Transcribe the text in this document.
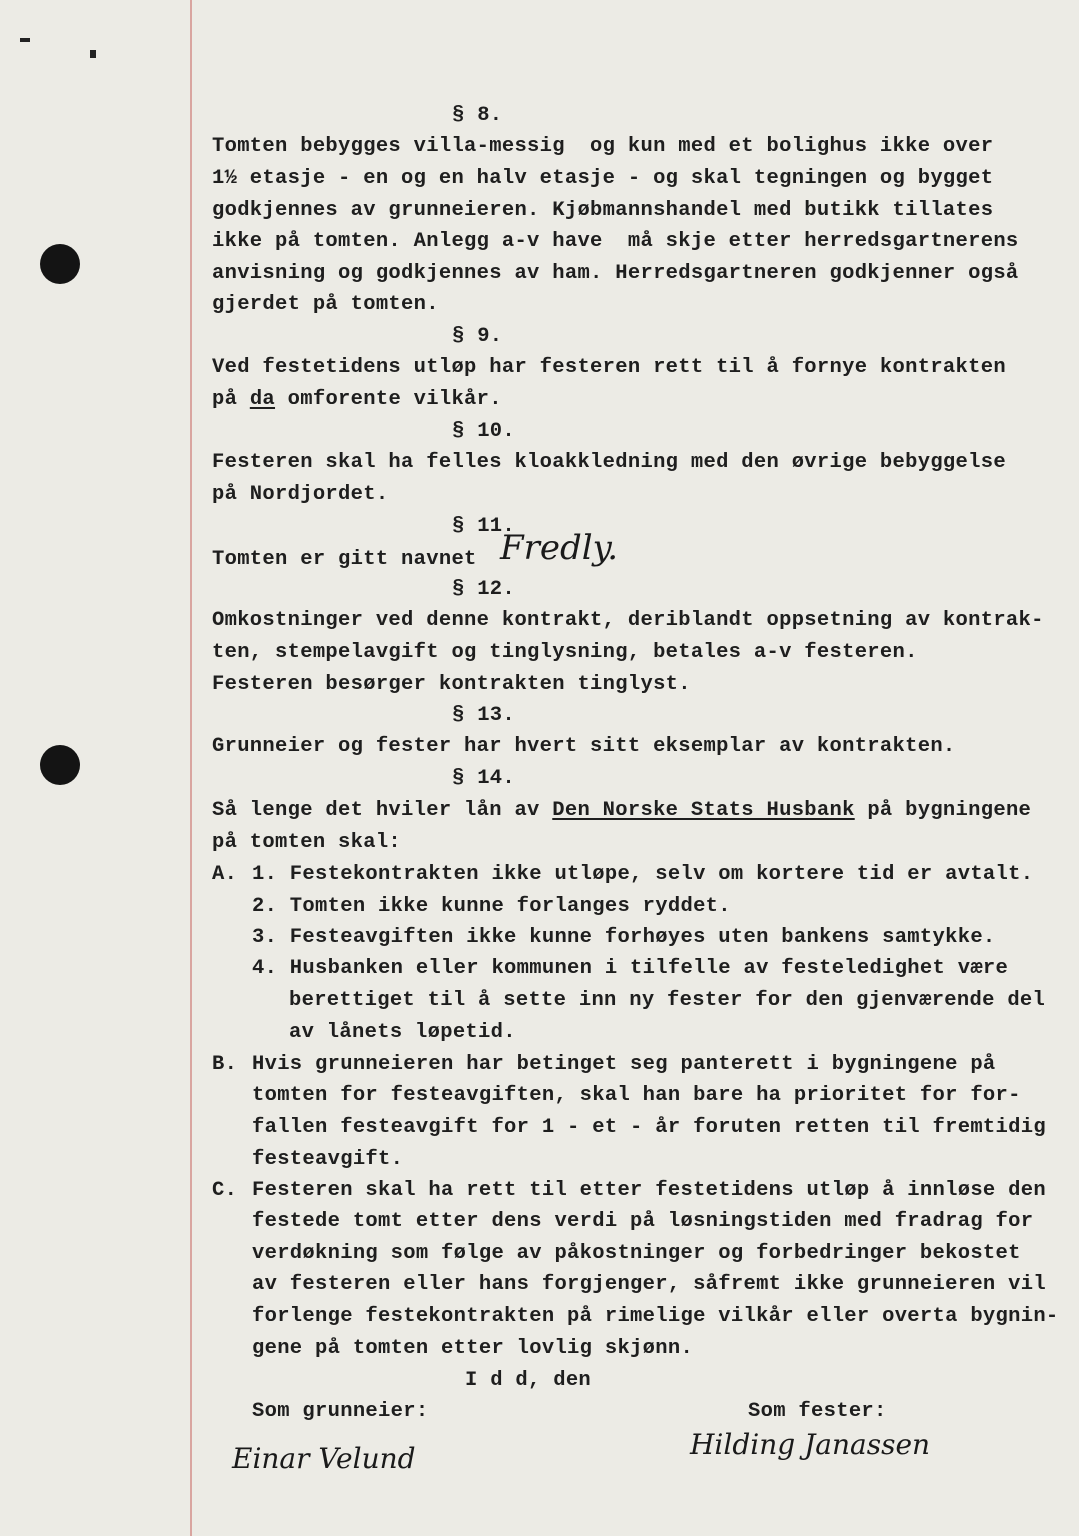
§ 8.
Tomten bebygges villa-messig  og kun med et bolighus ikke over
1½ etasje - en og en halv etasje - og skal tegningen og bygget
godkjennes av grunneieren. Kjøbmannshandel med butikk tillates
ikke på tomten. Anlegg a-v have  må skje etter herredsgartnerens
anvisning og godkjennes av ham. Herredsgartneren godkjenner også
gjerdet på tomten.
§ 9.
Ved festetidens utløp har festeren rett til å fornye kontrakten
på da omforente vilkår.
§ 10.
Festeren skal ha felles kloakkledning med den øvrige bebyggelse
på Nordjordet.
§ 11.
Tomten er gitt navnet Fredly.
§ 12.
Omkostninger ved denne kontrakt, deriblandt oppsetning av kontrak-
ten, stempelavgift og tinglysning, betales a-v festeren.
Festeren besørger kontrakten tinglyst.
§ 13.
Grunneier og fester har hvert sitt eksemplar av kontrakten.
§ 14.
Så lenge det hviler lån av Den Norske Stats Husbank på bygningene
på tomten skal:
A. 1. Festekontrakten ikke utløpe, selv om kortere tid er avtalt.
2. Tomten ikke kunne forlanges ryddet.
3. Festeavgiften ikke kunne forhøyes uten bankens samtykke.
4. Husbanken eller kommunen i tilfelle av festeledighet være
berettiget til å sette inn ny fester for den gjenværende del
av lånets løpetid.
B. Hvis grunneieren har betinget seg panterett i bygningene på
tomten for festeavgiften, skal han bare ha prioritet for for-
fallen festeavgift for 1 - et - år foruten retten til fremtidig
festeavgift.
C. Festeren skal ha rett til etter festetidens utløp å innløse den
festede tomt etter dens verdi på løsningstiden med fradrag for
verdøkning som følge av påkostninger og forbedringer bekostet
av festeren eller hans forgjenger, såfremt ikke grunneieren vil
forlenge festekontrakten på rimelige vilkår eller overta bygnin-
gene på tomten etter lovlig skjønn.
I d d, den
Som grunneier:	Som fester:
Einar Velund	Hilding Janassen
